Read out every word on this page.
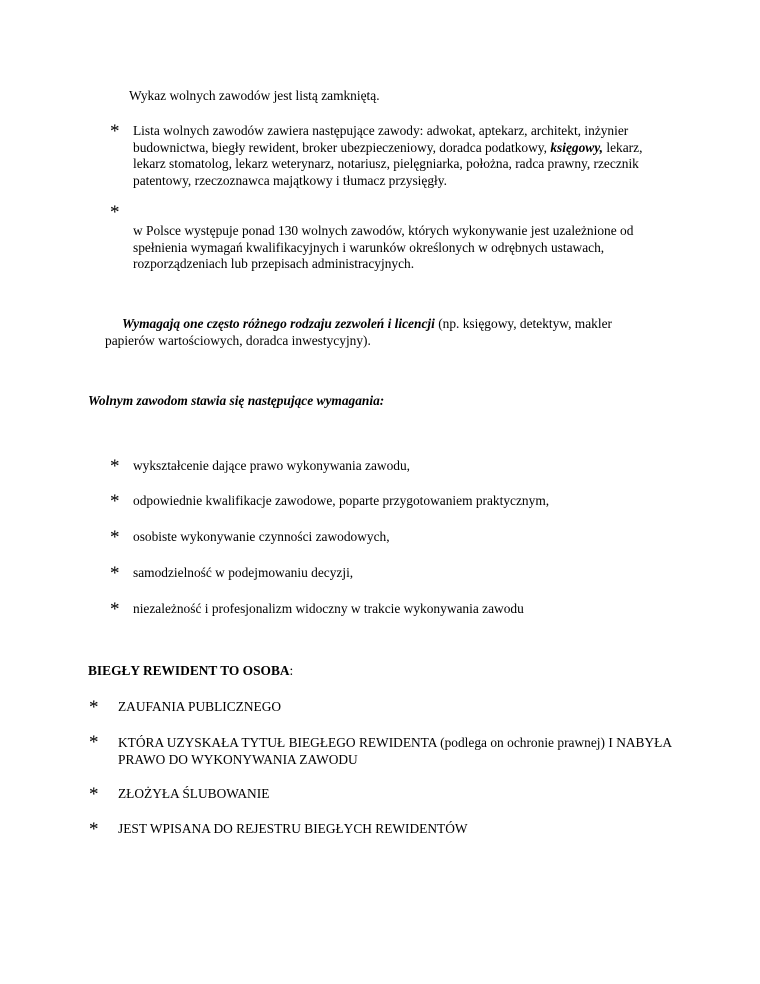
Wykaz wolnych zawodów jest listą zamkniętą.
* Lista wolnych zawodów zawiera następujące zawody: adwokat, aptekarz, architekt, inżynier budownictwa, biegły rewident, broker ubezpieczeniowy, doradca podatkowy, księgowy, lekarz, lekarz stomatolog, lekarz weterynarz, notariusz, pielęgniarka, położna, radca prawny, rzecznik patentowy, rzeczoznawca majątkowy i tłumacz przysięgły.
*
w Polsce występuje ponad 130 wolnych zawodów, których wykonywanie jest uzależnione od spełnienia wymagań kwalifikacyjnych i warunków określonych w odrębnych ustawach, rozporządzeniach lub przepisach administracyjnych.
Wymagają one często różnego rodzaju zezwoleń i licencji (np. księgowy, detektyw, makler papierów wartościowych, doradca inwestycyjny).
Wolnym zawodom stawia się następujące wymagania:
* wykształcenie dające prawo wykonywania zawodu,
* odpowiednie kwalifikacje zawodowe, poparte przygotowaniem praktycznym,
* osobiste wykonywanie czynności zawodowych,
* samodzielność w podejmowaniu decyzji,
* niezależność i profesjonalizm widoczny w trakcie wykonywania zawodu
BIEGŁY REWIDENT TO OSOBA:
* ZAUFANIA PUBLICZNEGO
* KTÓRA UZYSKAŁA TYTUŁ BIEGŁEGO REWIDENTA (podlega on ochronie prawnej) I NABYŁA PRAWO DO WYKONYWANIA ZAWODU
* ZŁOŻYŁA ŚLUBOWANIE
* JEST WPISANA DO REJESTRU BIEGŁYCH REWIDENTÓW
